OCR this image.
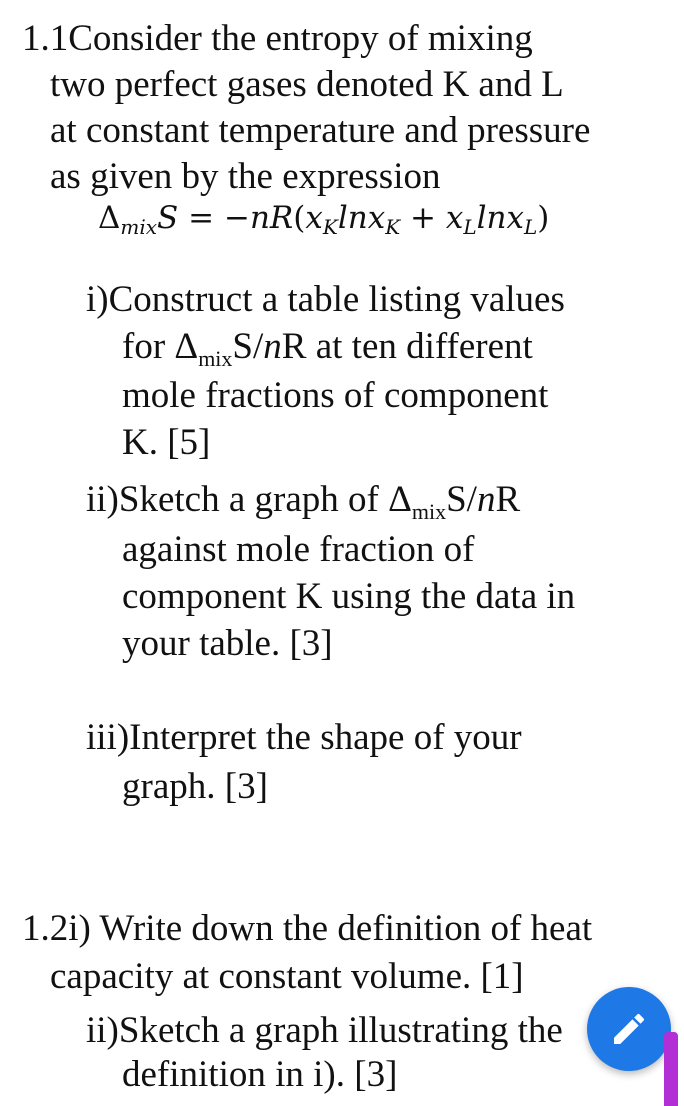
1.1Consider the entropy of mixing
two perfect gases denoted K and L
at constant temperature and pressure
as given by the expression
$\Delta_{mix}S = -nR(x_K\ln x_K + x_L\ln x_L)$
i)Construct a table listing values
for $\Delta_{mix}S/nR$ at ten different
mole fractions of component
K. [5]
ii)Sketch a graph of $\Delta_{mix}S/nR$
against mole fraction of
component K using the data in
your table. [3]
iii)Interpret the shape of your
graph. [3]
1.2i) Write down the definition of heat
capacity at constant volume. [1]
ii)Sketch a graph illustrating the
definition in i). [3]
